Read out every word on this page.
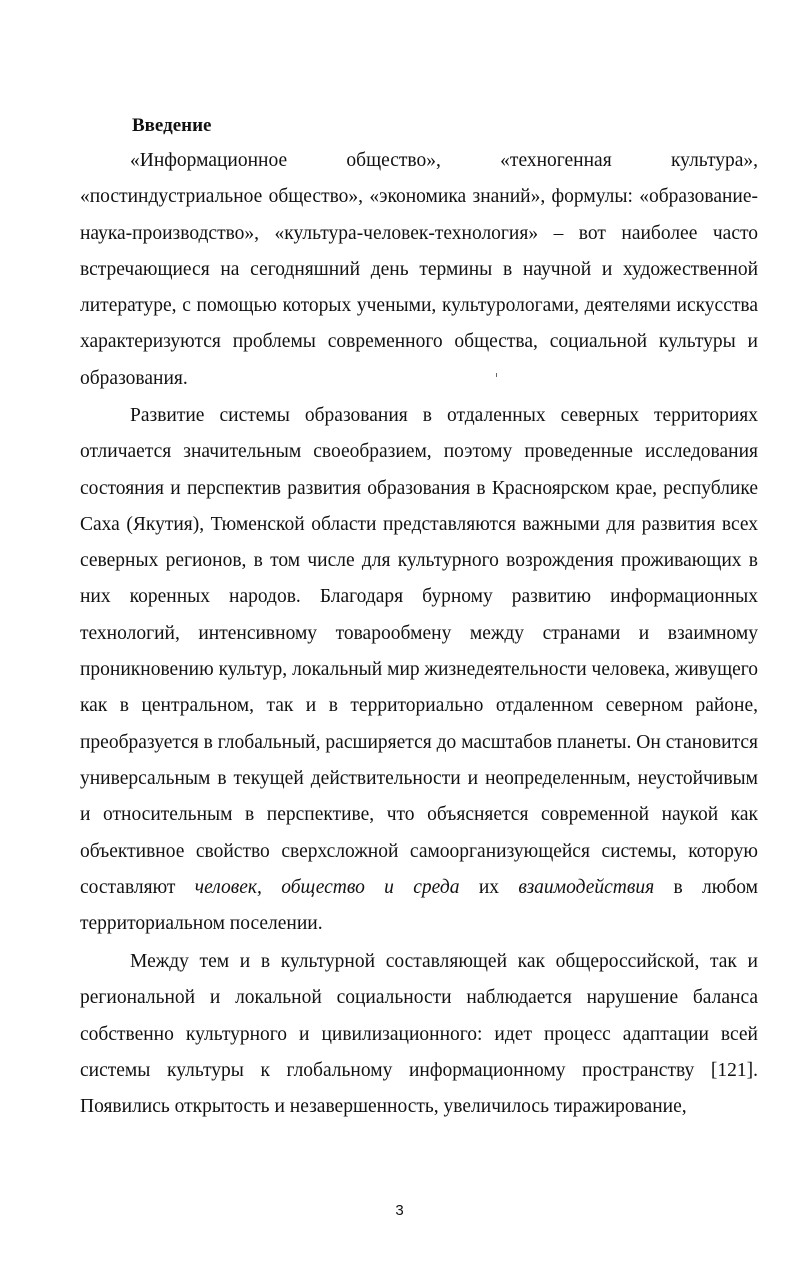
Введение

«Информационное общество», «техногенная культура», «постиндустриальное общество», «экономика знаний», формулы: «образование-наука-производство», «культура-человек-технология» – вот наиболее часто встречающиеся на сегодняшний день термины в научной и художественной литературе, с помощью которых учеными, культурологами, деятелями искусства характеризуются проблемы современного общества, социальной культуры и образования.

Развитие системы образования в отдаленных северных территориях отличается значительным своеобразием, поэтому проведенные исследования состояния и перспектив развития образования в Красноярском крае, республике Саха (Якутия), Тюменской области представляются важными для развития всех северных регионов, в том числе для культурного возрождения проживающих в них коренных народов. Благодаря бурному развитию информационных технологий, интенсивному товарообмену между странами и взаимному проникновению культур, локальный мир жизнедеятельности человека, живущего как в центральном, так и в территориально отдаленном северном районе, преобразуется в глобальный, расширяется до масштабов планеты. Он становится универсальным в текущей действительности и неопределенным, неустойчивым и относительным в перспективе, что объясняется современной наукой как объективное свойство сверхсложной самоорганизующейся системы, которую составляют человек, общество и среда их взаимодействия в любом территориальном поселении.

Между тем и в культурной составляющей как общероссийской, так и региональной и локальной социальности наблюдается нарушение баланса собственно культурного и цивилизационного: идет процесс адаптации всей системы культуры к глобальному информационному пространству [121]. Появились открытость и незавершенность, увеличилось тиражирование,

3
